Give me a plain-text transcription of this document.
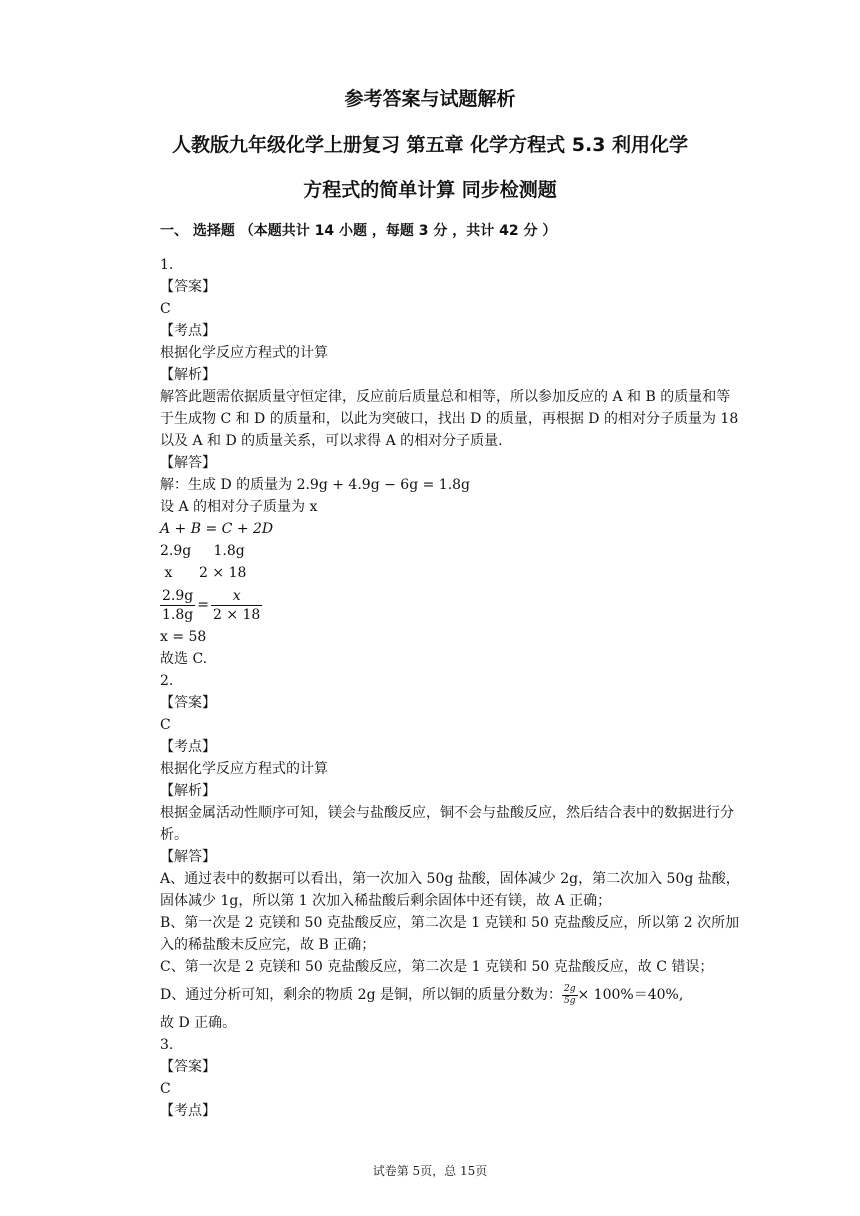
参考答案与试题解析
人教版九年级化学上册复习 第五章 化学方程式 5.3 利用化学
方程式的简单计算 同步检测题
一、 选择题 （本题共计 14 小题 ，每题 3 分 ，共计 42 分 ）
1.
【答案】
C
【考点】
根据化学反应方程式的计算
【解析】
解答此题需依据质量守恒定律，反应前后质量总和相等，所以参加反应的 A 和 B 的质量和等于生成物 C 和 D 的质量和，以此为突破口，找出 D 的质量，再根据 D 的相对分子质量为 18 以及 A 和 D 的质量关系，可以求得 A 的相对分子质量.
【解答】
解：生成 D 的质量为 2.9g + 4.9g − 6g = 1.8g
设 A 的相对分子质量为 x
A + B = C + 2D
2.9g     1.8g
x      2 × 18
$\frac{2.9g}{1.8g} = \frac{x}{2 \times 18}$
x = 58
故选 C.
2.
【答案】
C
【考点】
根据化学反应方程式的计算
【解析】
根据金属活动性顺序可知，镁会与盐酸反应，铜不会与盐酸反应，然后结合表中的数据进行分析。
【解答】
A、通过表中的数据可以看出，第一次加入 50g 盐酸，固体减少 2g，第二次加入 50g 盐酸，固体减少 1g，所以第 1 次加入稀盐酸后剩余固体中还有镁，故 A 正确；
B、第一次是 2 克镁和 50 克盐酸反应，第二次是 1 克镁和 50 克盐酸反应，所以第 2 次所加入的稀盐酸未反应完，故 B 正确；
C、第一次是 2 克镁和 50 克盐酸反应，第二次是 1 克镁和 50 克盐酸反应，故 C 错误；
D、通过分析可知，剩余的物质 2g 是铜，所以铜的质量分数为： $\frac{2g}{5g} \times 100\%=40\%$,
故 D 正确。
3.
【答案】
C
【考点】
试卷第 5页，总 15页
